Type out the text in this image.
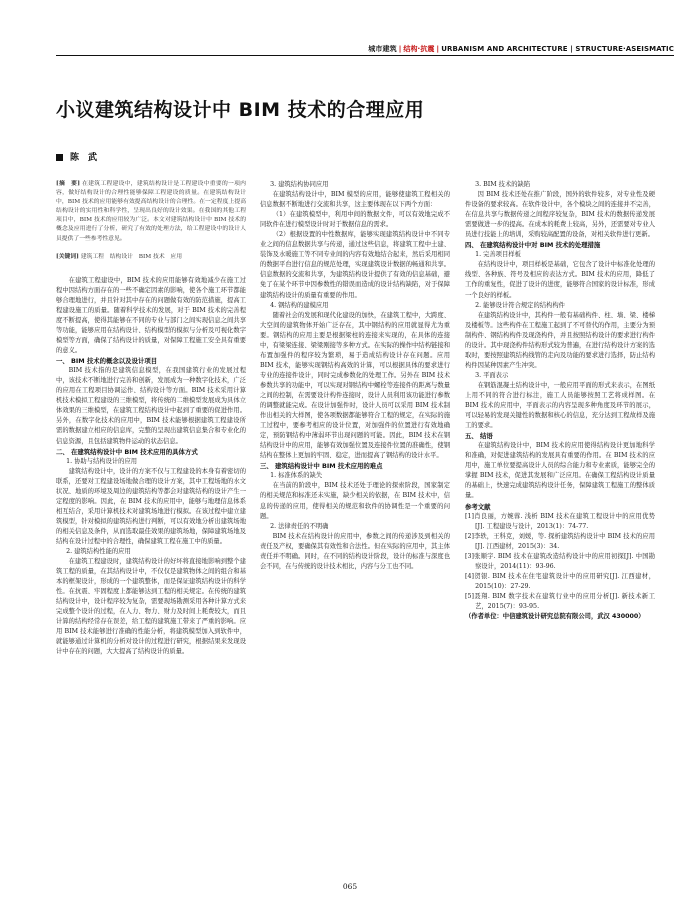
城市建筑 | 结构·抗震 | URBANISM AND ARCHITECTURE | STRUCTURE·ASEISMATIC
小议建筑结构设计中 BIM 技术的合理应用
陈　武

[摘　要] 在建筑工程建设中，建筑结构设计是工程建设中重要的一项内容，做好结构设计的合理性能够保障工程建设的质量。在建筑结构设计中，BIM 技术的应用能够有效提高结构设计的合理性。在一定程度上提高结构设计的实用性和科学性，呈现出良好的设计效果。在我国的其他工程项目中，BIM 技术的应用较为广泛。本文对建筑结构设计中 BIM 技术的概念及应用进行了分析，研究了有效的处理方法，给工程建设中的设计人员提供了一些参考性意见。

[关键词] 建筑工程　结构设计　BIM 技术　应用

在建筑工程建设中，BIM 技术的应用能够有效地减少在施工过程中因结构方面存在的一些不确定因素的影响，使各个施工环节都能够合理地进行，并且针对其中存在的问题做有效的防范措施，提高工程建设施工的质量。随着科学技术的发展，对于 BIM 技术的完善程度不断提高，使得其能够在不同的专业与部门之间实现信息之间共享等功能，能够应用在结构设计、结构模型的模拟与分析及可视化数字模型等方面，确保了结构设计的质量，对保障工程施工安全具有重要的意义。

一、 BIM 技术的概念以及设计项目

BIM 技术指的是建筑信息模型，在我国建筑行业的发展过程中，该技术不断地进行完善和创新，发展成为一种数字化技术，广泛的应用在工程项目协调运作、结构设计等方面。BIM 技术采用计算机技术模拟工程建设的三维模型，将传统的二维模型发展成为具体立体效果的三维模型，在建筑工程结构设计中起到了重要的促进作用。另外，在数字化技术的应用中，BIM 技术能够根据建筑工程建设所需的数据建立相应的信息库，完整的呈现出建筑信息集合和专业化的信息资源，且包括建筑物件运动的状态信息。

二、 在建筑结构设计中 BIM 技术应用的具体方式

1. 协助与结构设计的应用

建筑结构设计中，设计的方案不仅与工程建设的本身有着密切的联系，还要对工程建设场地做合理的设计方案，其中工程场地的水文状况、地质的环境及周边的建筑结构等都会对建筑结构的设计产生一定程度的影响。因此，在 BIM 技术的应用中，能够与地理信息体系相互结合，采用计算机技术对建筑场地进行模拟。在该过程中建立建筑模型，针对模拟的建筑结构进行判断，可以有效地分析出建筑场地的相关信息及条件，从而选取最佳效果的建筑场地，保障建筑场地及结构在设计过程中的合理性，确保建筑工程在施工中的质量。

2. 建筑结构性能的应用

在建筑工程建设时，建筑结构设计的好坏将直接地影响到整个建筑工程的质量，在其结构设计中，不仅仅是建筑物体之间的组合和基本的框架设计，形成的一个建筑整体，而是保证建筑结构设计的科学性。在抗震、牢固程度上都能够达到工程的相关规定。在传统的建筑结构设计中，设计程序较为复杂，需要现场勘测采用各种计算方式来完成整个设计的过程，在人力、物力、财力及时间上耗费较大，而且计算的结构经常存在误差，给工程的建筑施工带来了严重的影响。应用 BIM 技术能够进行准确的性能分析，将建筑模型加入到软件中，就能够通过计算机的分析对设计的过程进行研究，根据结果来发现设计中存在的问题，大大提高了结构设计的质量。

3. 建筑结构协同应用

在建筑结构设计中，BIM 模型的应用，能够使建筑工程相关的信息数据不断地进行交流和共享，这主要体现在以下两个方面：

（1）在建筑模型中，利用中间的数据文件，可以有效地完成不同软件在进行模型设计时对于数据信息的需求。

（2）根据设置的中性数据库，能够实现建筑结构设计中不同专业之间的信息数据共享与传递，通过这些信息，将建筑工程中土建、装饰及水暖施工等不同专业间的内容有效地结合起来，然后采用相同的数据平台进行信息的规范处理，实现建筑设计数据的畅通和共享。信息数据的交流和共享，为建筑结构设计提供了有效的信息基础，避免了在某个环节中因参数性的错误而造成的设计结构缺陷，对于保障建筑结构设计的质量有重要的作用。

4. 钢结构的建模应用

随着社会的发展和现代化建设的加快，在建筑工程中，大跨度、大空间的建筑物体开始广泛存在，其中钢结构的应用就显得尤为重要。钢结构的应用主要是根据梁柱的连接来实现的，在具体的连接中，有梁梁连接、梁梁刚接等多种方式。在实际的操作中结构链接和布置加强件的程序较为繁琐，易于造成结构设计存在问题。应用 BIM 技术，能够实现钢结构高效的计算，可以根据具体的要求进行专业的连接件设计，同时完成参数化的处理工作。另外在 BIM 技术参数共享的功能中，可以实现对钢结构中螺栓等连接件的距离与数量之间的控制，在需要设计构件连接时，设计人员利用该功能进行参数的调整就能完成。在设计加强件时，设计人员可以采用 BIM 技术制作出相关的大样图，使各项数据都能够符合工程的规定，在实际的施工过程中，要参考相应的设计位置，对加强件的位置进行有效地确定，预防钢结构中薄弱环节出现问题的可能。因此，BIM 技术在钢结构设计中的应用，能够有效加强位置及连接件位置的准确性，使钢结构在整体上更加的牢固、稳定，进而提高了钢结构的设计水平。

三、 建筑结构设计中 BIM 技术应用的难点

1. 标准体系的缺失

在当前的阶段中，BIM 技术还处于理论的探索阶段，国家制定的相关规范和标准还未实施，缺少相关的依据，在 BIM 技术中，信息的传递的应用，使得相关的规范和软件的协调性是一个重要的问题。

2. 法律责任的不明确

BIM 技术在结构设计的应用中，参数之间的传递涉及到相关的责任及产权，要确保其有效性和合法性。但在实际的应用中，其主体责任并不明确。同时，在不同的结构设计阶段，设计的标准与深度也会不同，在与传统的设计技术相比，内容与分工也不同。

3. BIM 技术的缺陷

因 BIM 技术还处在推广阶段，国外的软件较多，对专业性及硬件设备的要求较高。在软件设计中，各个模块之间的连接并不完善，在信息共享与数据传递之间程序较复杂，BIM 技术的数据传递发展需要做进一步的提高。在成本的耗费上较高，另外，还需要对专业人员进行技能上的培训，采购较高配置的设备，对相关软件进行更新。

四、 在建筑结构设计中对 BIM 技术的处理措施

1. 完善项目样板

在结构设计中，项目样板是基础，它包含了设计中标准化处理的线型、各种族、符号及相应的表达方式。BIM 技术的应用，降低了工作的重复性，促进了设计的进度，能够符合国家的设计标准，形成一个良好的样板。

2. 能够设计符合规定的结构构件

在建筑结构设计中，其构件一般有基础构件、柱、墙、梁、楼梯及楼板等。这些构件在工程施工起到了不可替代的作用，主要分为预制构件、钢结构构件及现浇构件，并且按照结构设计的要求进行构件的设计。其中现浇构件结构形式较为普遍，在进行结构设计方案的选取时，要按照建筑结构线管的走向及功能的要求进行选择，防止结构构件因某种因素产生冲突。

3. 平面表示

在钢筋混凝土结构设计中，一般应用平面的形式来表示，在图纸上用不同的符合进行标注，施工人员能够按照工艺将成样图。在 BIM 技术的应用中，平面表示的内容呈现多种角度及环节的展示，可以轻易的发现关键性的数据和核心的信息，充分达到工程故样及施工的要求。

五、 结语

在建筑结构设计中，BIM 技术的应用使得结构设计更加地科学和准确，对促进建筑结构的发展具有重要的作用。在 BIM 技术的应用中，施工单位要提高设计人员的综合能力和专业素质，能够完全的掌握 BIM 技术，促进其发展和广泛应用。在确保工程结构设计质量的基础上，快速完成建筑结构设计任务，保障建筑工程施工的整体质量。

参考文献

[1]肖良丽，方婉蓉. 浅析 BIM 技术在建筑工程设计中的应用优势[J]. 工程建设与设计，2013(1)：74-77.

[2]李轶，王科克，刘媛，等. 探析建筑结构设计中 BIM 技术的应用[J]. 江西建材，2015(3)：34.

[3]张顺宇. BIM 技术在建筑改造结构设计中的应用初探[J]. 中国勘察设计，2014(11)：93-96.

[4]贺银. BIM 技术在住宅建筑设计中的应用研究[J]. 江西建材，2015(10)：27-29.

[5]聂翔. BIM 数字技术在建筑行业中的应用分析[J]. 新技术新工艺，2015(7)：93-95.

（作者单位：中信建筑设计研究总院有限公司，武汉 430000）

065
